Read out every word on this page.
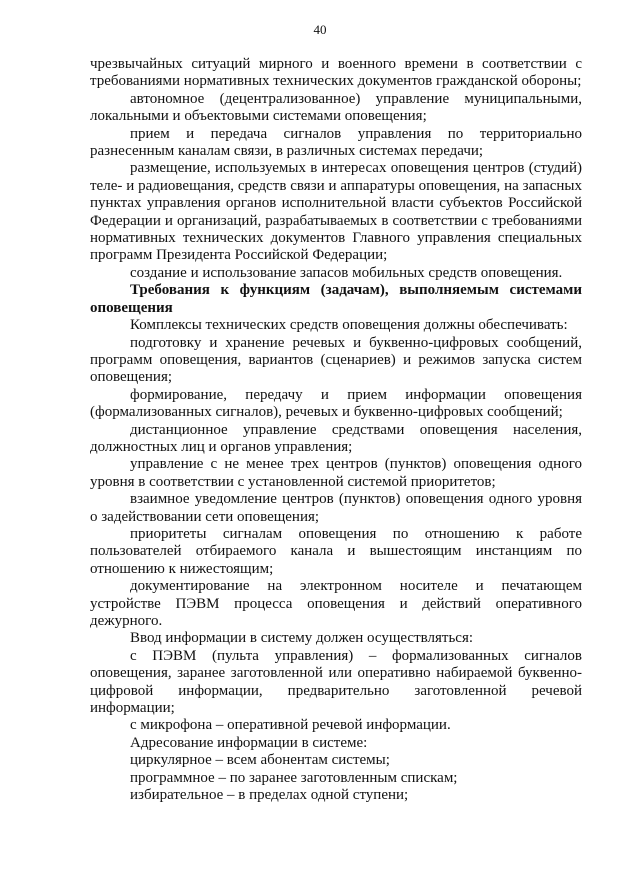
40

чрезвычайных ситуаций мирного и военного времени в соответствии с требованиями нормативных технических документов гражданской обороны;

автономное (децентрализованное) управление муниципальными, локальными и объектовыми системами оповещения;

прием и передача сигналов управления по территориально разнесенным каналам связи, в различных системах передачи;

размещение, используемых в интересах оповещения центров (студий) теле- и радиовещания, средств связи и аппаратуры оповещения, на запасных пунктах управления органов исполнительной власти субъектов Российской Федерации и организаций, разрабатываемых в соответствии с требованиями нормативных технических документов Главного управления специальных программ Президента Российской Федерации;

создание и использование запасов мобильных средств оповещения.

Требования к функциям (задачам), выполняемым системами оповещения

Комплексы технических средств оповещения должны обеспечивать:

подготовку и хранение речевых и буквенно-цифровых сообщений, программ оповещения, вариантов (сценариев) и режимов запуска систем оповещения;

формирование, передачу и прием информации оповещения (формализованных сигналов), речевых и буквенно-цифровых сообщений;

дистанционное управление средствами оповещения населения, должностных лиц и органов управления;

управление с не менее трех центров (пунктов) оповещения одного уровня в соответствии с установленной системой приоритетов;

взаимное уведомление центров (пунктов) оповещения одного уровня о задействовании сети оповещения;

приоритеты сигналам оповещения по отношению к работе пользователей отбираемого канала и вышестоящим инстанциям по отношению к нижестоящим;

документирование на электронном носителе и печатающем устройстве ПЭВМ процесса оповещения и действий оперативного дежурного.

Ввод информации в систему должен осуществляться:

с ПЭВМ (пульта управления) – формализованных сигналов оповещения, заранее заготовленной или оперативно набираемой буквенно-цифровой информации, предварительно заготовленной речевой информации;

с микрофона – оперативной речевой информации.

Адресование информации в системе:

циркулярное – всем абонентам системы;

программное – по заранее заготовленным спискам;

избирательное – в пределах одной ступени;
